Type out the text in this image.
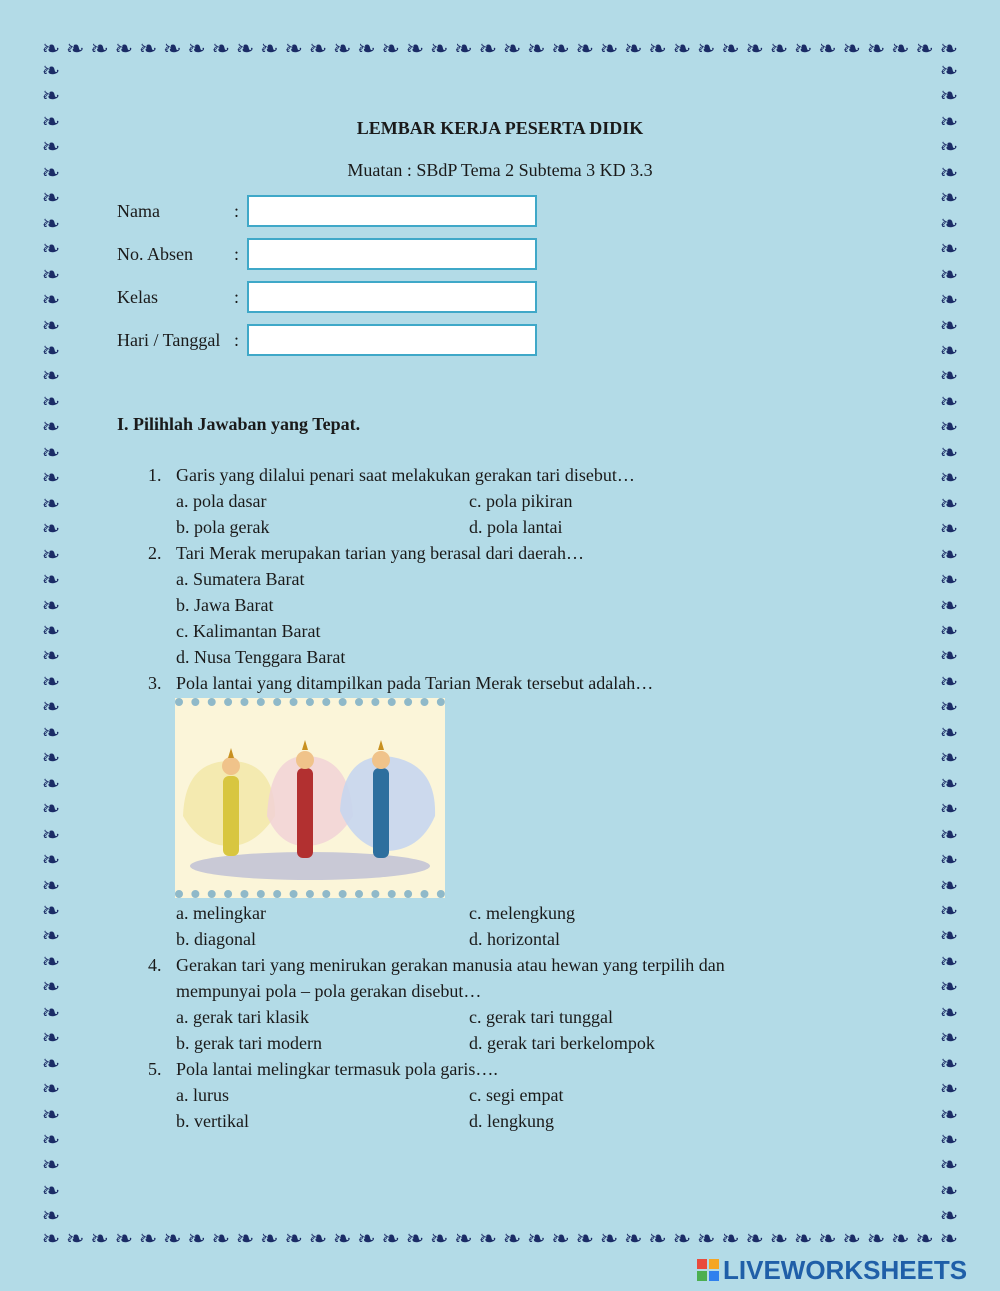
❧ ❧ ❧ ❧ ❧ ❧ ❧ ❧ ❧ ❧ ❧ ❧ ❧ ❧ ❧ ❧ ❧ ❧ ❧ ❧ ❧ ❧ ❧ ❧ ❧ ❧ ❧ ❧ ❧ ❧ ❧ ❧ ❧ ❧ ❧ ❧ ❧ ❧
❧ ❧ ❧ ❧ ❧ ❧ ❧ ❧ ❧ ❧ ❧ ❧ ❧ ❧ ❧ ❧ ❧ ❧ ❧ ❧ ❧ ❧ ❧ ❧ ❧ ❧ ❧ ❧ ❧ ❧ ❧ ❧ ❧ ❧ ❧ ❧ ❧ ❧
❧
❧
❧
❧
❧
❧
❧
❧
❧
❧
❧
❧
❧
❧
❧
❧
❧
❧
❧
❧
❧
❧
❧
❧
❧
❧
❧
❧
❧
❧
❧
❧
❧
❧
❧
❧
❧
❧
❧
❧
❧
❧
❧
❧
❧
❧
❧
❧
❧
❧
❧
❧
❧
❧
❧
❧
❧
❧
❧
❧
❧
❧
❧
❧
❧
❧
❧
❧
❧
❧
❧
❧
❧
❧
❧
❧
❧
❧
❧
❧
❧
❧
❧
❧
❧
❧
❧
❧
❧
❧
❧
❧
LEMBAR KERJA PESERTA DIDIK
Muatan : SBdP Tema 2 Subtema 3 KD 3.3
Nama	:
No. Absen :
Kelas	:
Hari / Tanggal :
I. Pilihlah Jawaban yang Tepat.
1. Garis yang dilalui penari saat melakukan gerakan tari disebut…
a. pola dasar	c. pola pikiran
b. pola gerak	d. pola lantai
2. Tari Merak merupakan tarian yang berasal dari daerah…
a. Sumatera Barat
b. Jawa Barat
c. Kalimantan Barat
d. Nusa Tenggara Barat
3. Pola lantai yang ditampilkan pada Tarian Merak tersebut adalah…
a. melingkar	c. melengkung
b. diagonal	d. horizontal
4. Gerakan tari yang menirukan gerakan manusia atau hewan yang terpilih dan
mempunyai pola – pola gerakan disebut…
a. gerak tari klasik	c. gerak tari tunggal
b. gerak tari modern	d. gerak tari berkelompok
5. Pola lantai melingkar termasuk pola garis….
a. lurus	c. segi empat
b. vertikal	d. lengkung
LIVEWORKSHEETS
